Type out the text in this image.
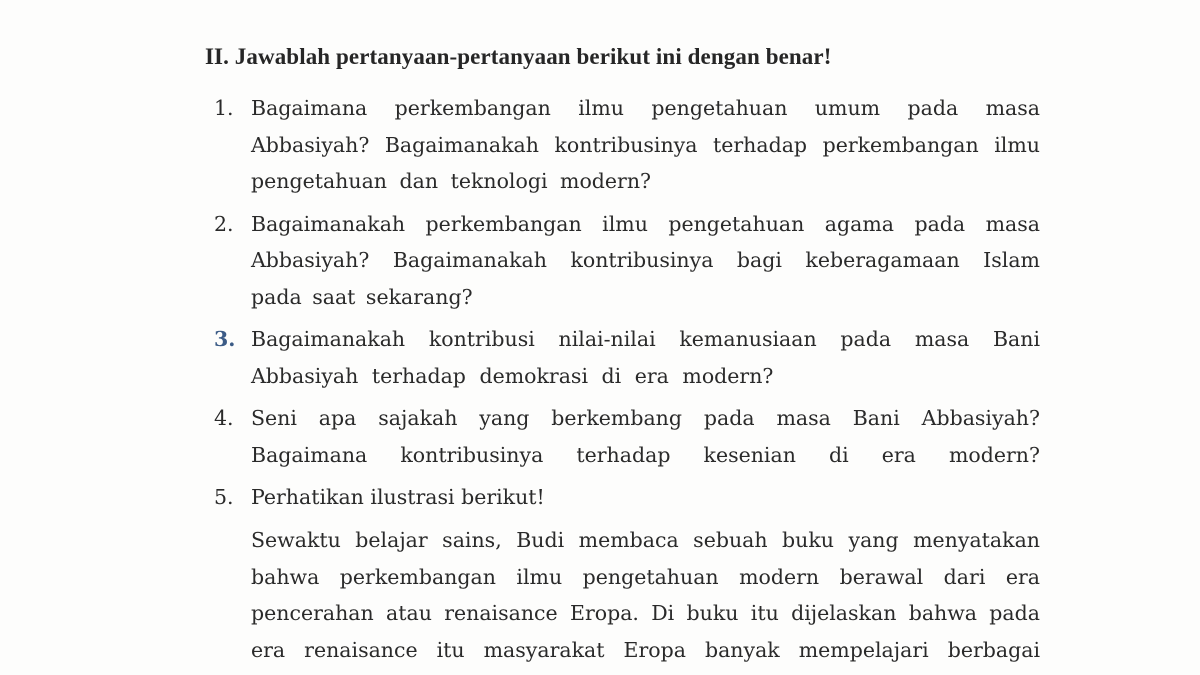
II. Jawablah pertanyaan-pertanyaan berikut ini dengan benar!
1. Bagaimana perkembangan ilmu pengetahuan umum pada masa
Abbasiyah? Bagaimanakah kontribusinya terhadap perkembangan ilmu
pengetahuan dan teknologi modern?
2. Bagaimanakah perkembangan ilmu pengetahuan agama pada masa
Abbasiyah? Bagaimanakah kontribusinya bagi keberagamaan Islam
pada saat sekarang?
3. Bagaimanakah kontribusi nilai-nilai kemanusiaan pada masa Bani
Abbasiyah terhadap demokrasi di era modern?
4. Seni apa sajakah yang berkembang pada masa Bani Abbasiyah?
Bagaimana kontribusinya terhadap kesenian di era modern?
5. Perhatikan ilustrasi berikut!

Sewaktu belajar sains, Budi membaca sebuah buku yang menyatakan
bahwa perkembangan ilmu pengetahuan modern berawal dari era
pencerahan atau renaisance Eropa. Di buku itu dijelaskan bahwa pada
era renaisance itu masyarakat Eropa banyak mempelajari berbagai
